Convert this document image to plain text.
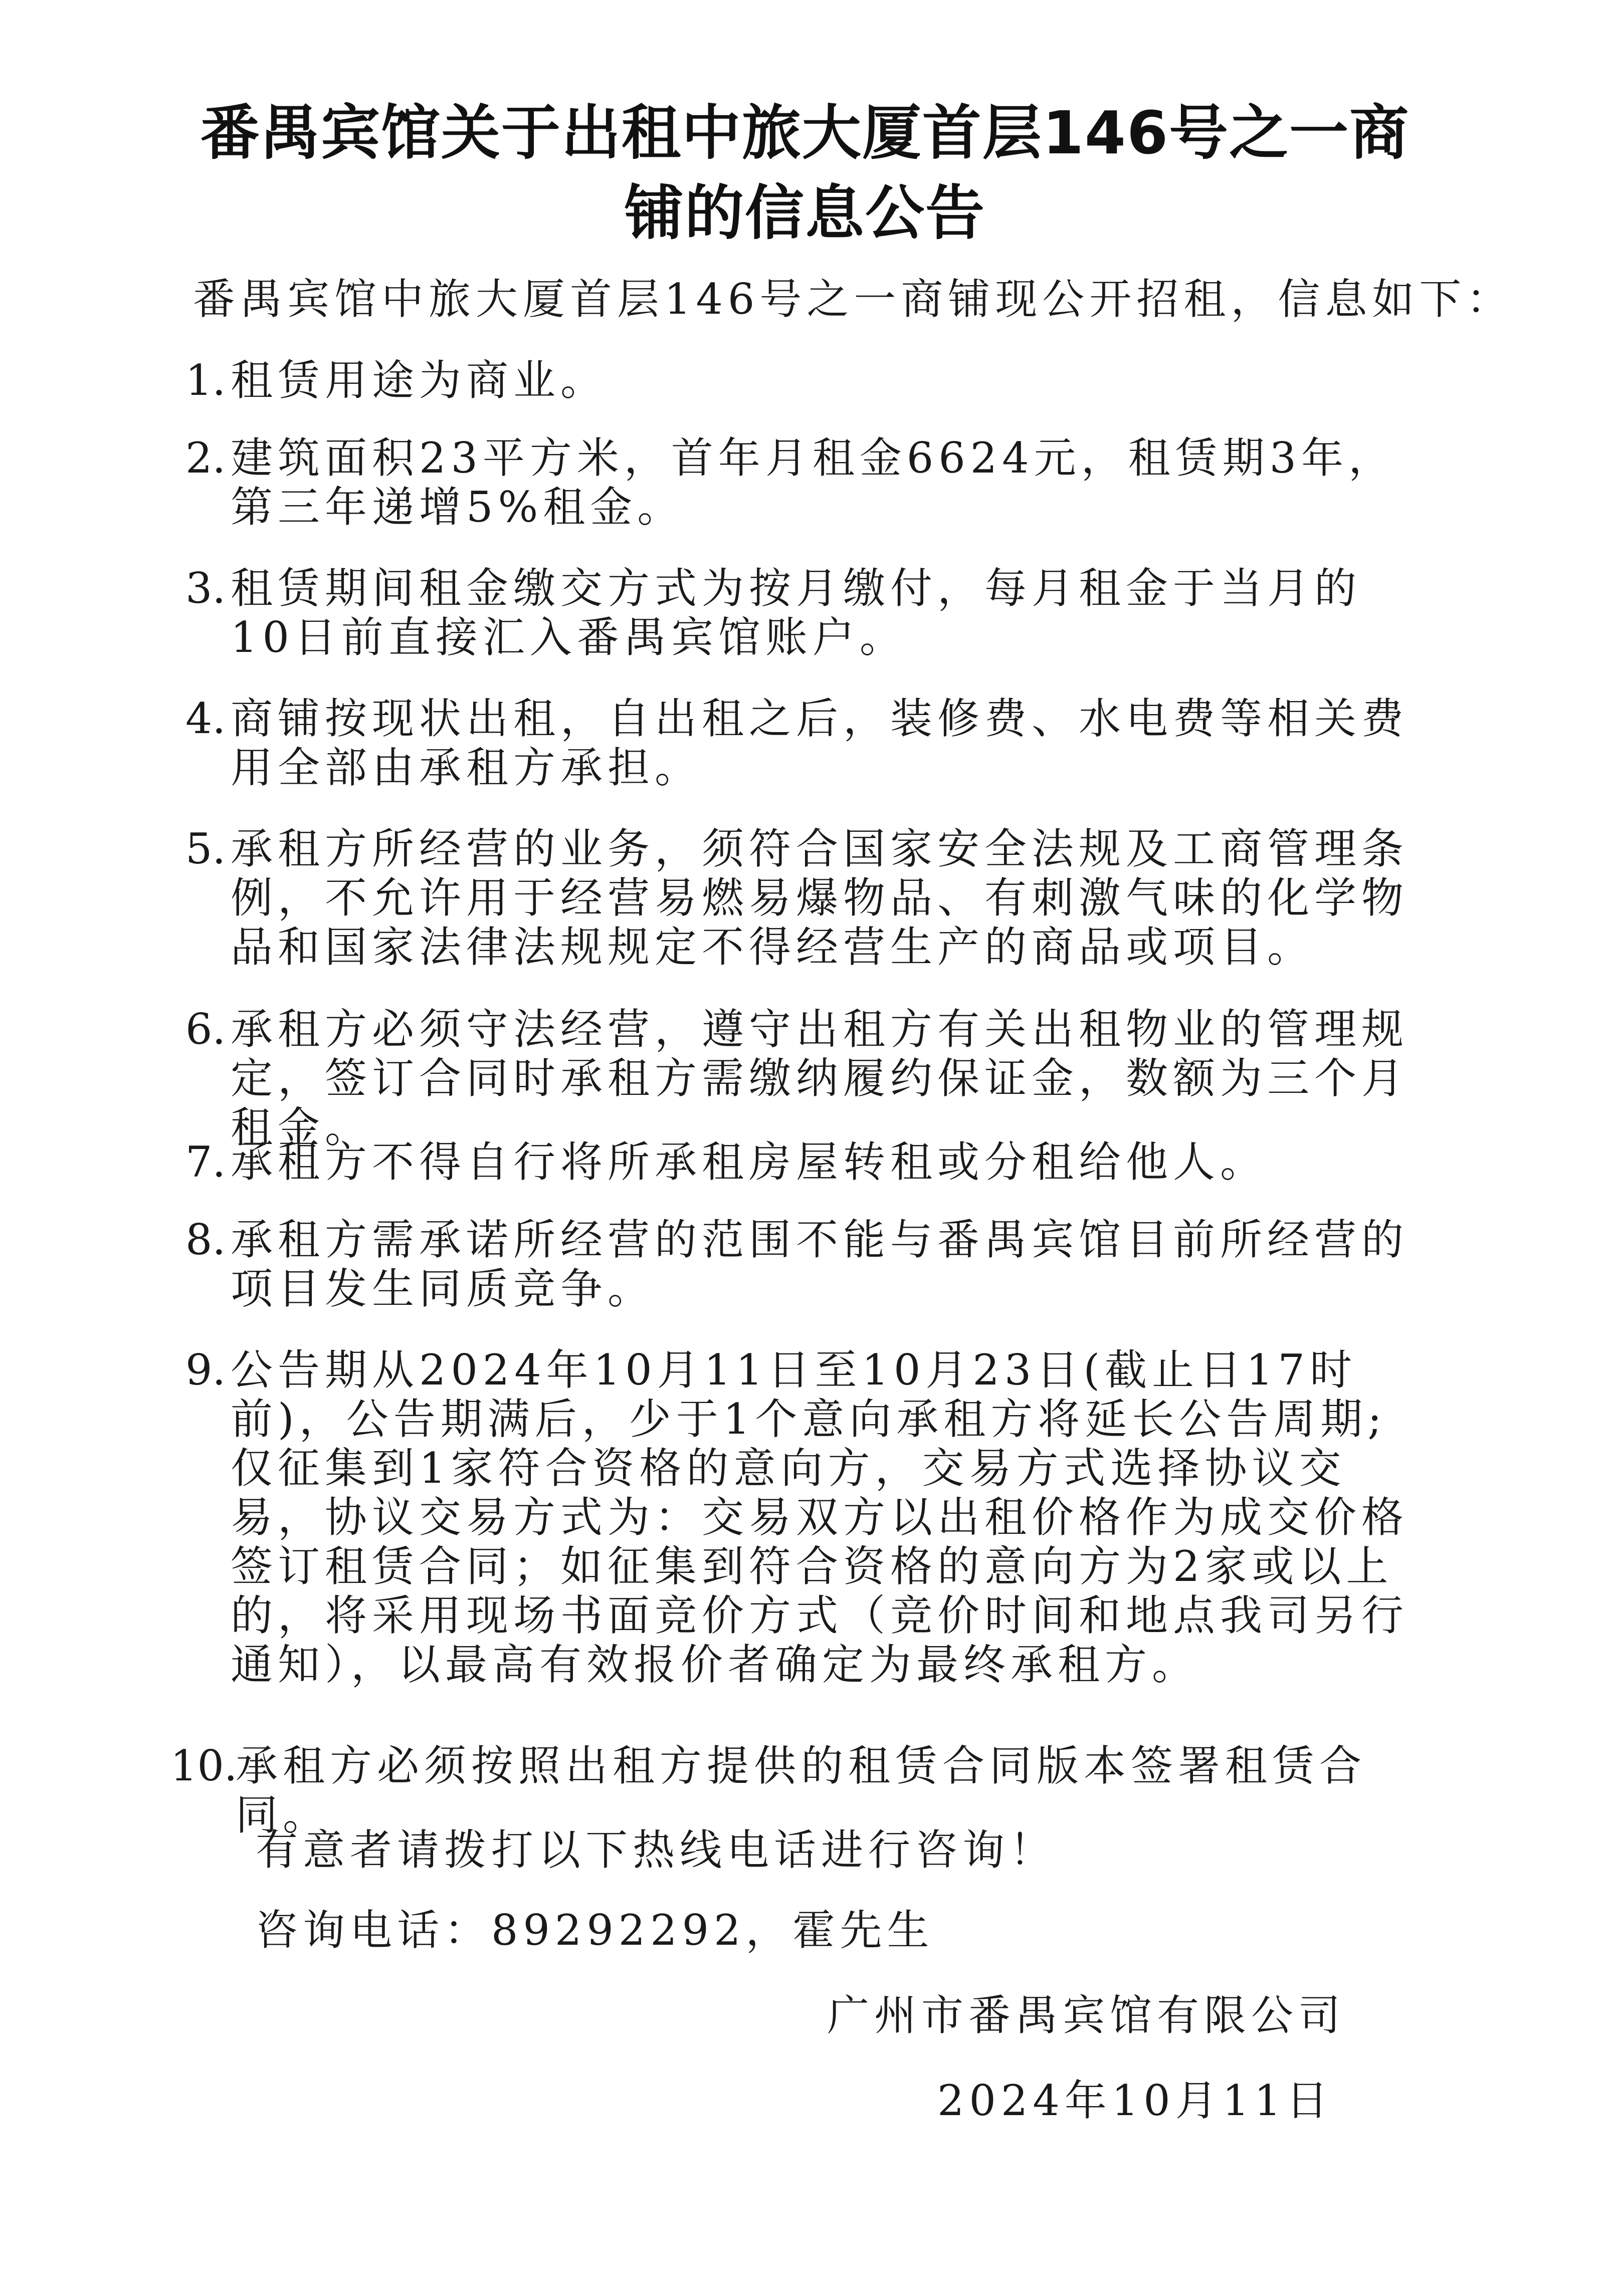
番禺宾馆关于出租中旅大厦首层146号之一商
铺的信息公告
番禺宾馆中旅大厦首层146号之一商铺现公开招租，信息如下：
1. 租赁用途为商业。
2. 建筑面积23平方米，首年月租金6624元，租赁期3年，第三年递增5%租金。
3. 租赁期间租金缴交方式为按月缴付，每月租金于当月的10日前直接汇入番禺宾馆账户。
4. 商铺按现状出租，自出租之后，装修费、水电费等相关费用全部由承租方承担。
5. 承租方所经营的业务，须符合国家安全法规及工商管理条例，不允许用于经营易燃易爆物品、有刺激气味的化学物品和国家法律法规规定不得经营生产的商品或项目。
6. 承租方必须守法经营，遵守出租方有关出租物业的管理规定，签订合同时承租方需缴纳履约保证金，数额为三个月租金。
7. 承租方不得自行将所承租房屋转租或分租给他人。
8. 承租方需承诺所经营的范围不能与番禺宾馆目前所经营的项目发生同质竞争。
9. 公告期从2024年10月11日至10月23日(截止日17时前)，公告期满后，少于1个意向承租方将延长公告周期;仅征集到1家符合资格的意向方，交易方式选择协议交易，协议交易方式为：交易双方以出租价格作为成交价格签订租赁合同；如征集到符合资格的意向方为2家或以上的，将采用现场书面竞价方式（竞价时间和地点我司另行通知），以最高有效报价者确定为最终承租方。
10.
承租方必须按照出租方提供的租赁合同版本签署租赁合同。
有意者请拨打以下热线电话进行咨询！
咨询电话：89292292，霍先生
广州市番禺宾馆有限公司
2024年10月11日
